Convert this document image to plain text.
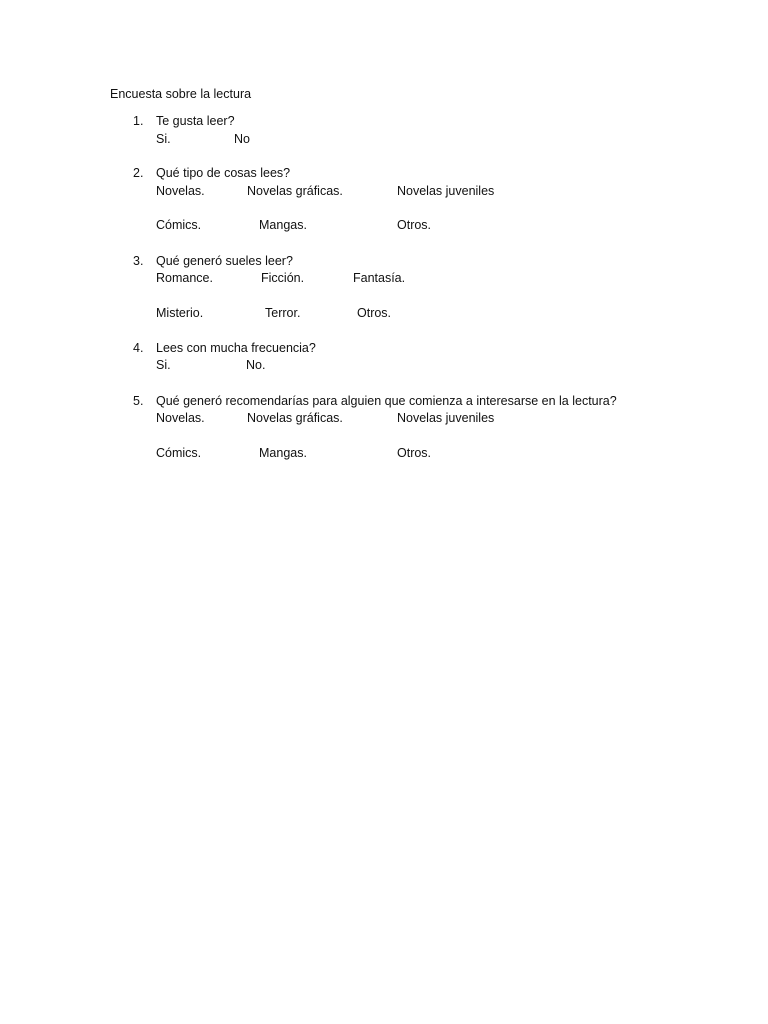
Encuesta sobre la lectura
1. Te gusta leer?
Si.	No
2. Qué tipo de cosas lees?
Novelas.	Novelas gráficas.	Novelas juveniles
Cómics.	Mangas.	Otros.
3. Qué generó sueles leer?
Romance.	Ficción.	Fantasía.
Misterio.	Terror.	Otros.
4. Lees con mucha frecuencia?
Si.	No.
5. Qué generó recomendarías para alguien que comienza a interesarse en la lectura?
Novelas.	Novelas gráficas.	Novelas juveniles
Cómics.	Mangas.	Otros.
